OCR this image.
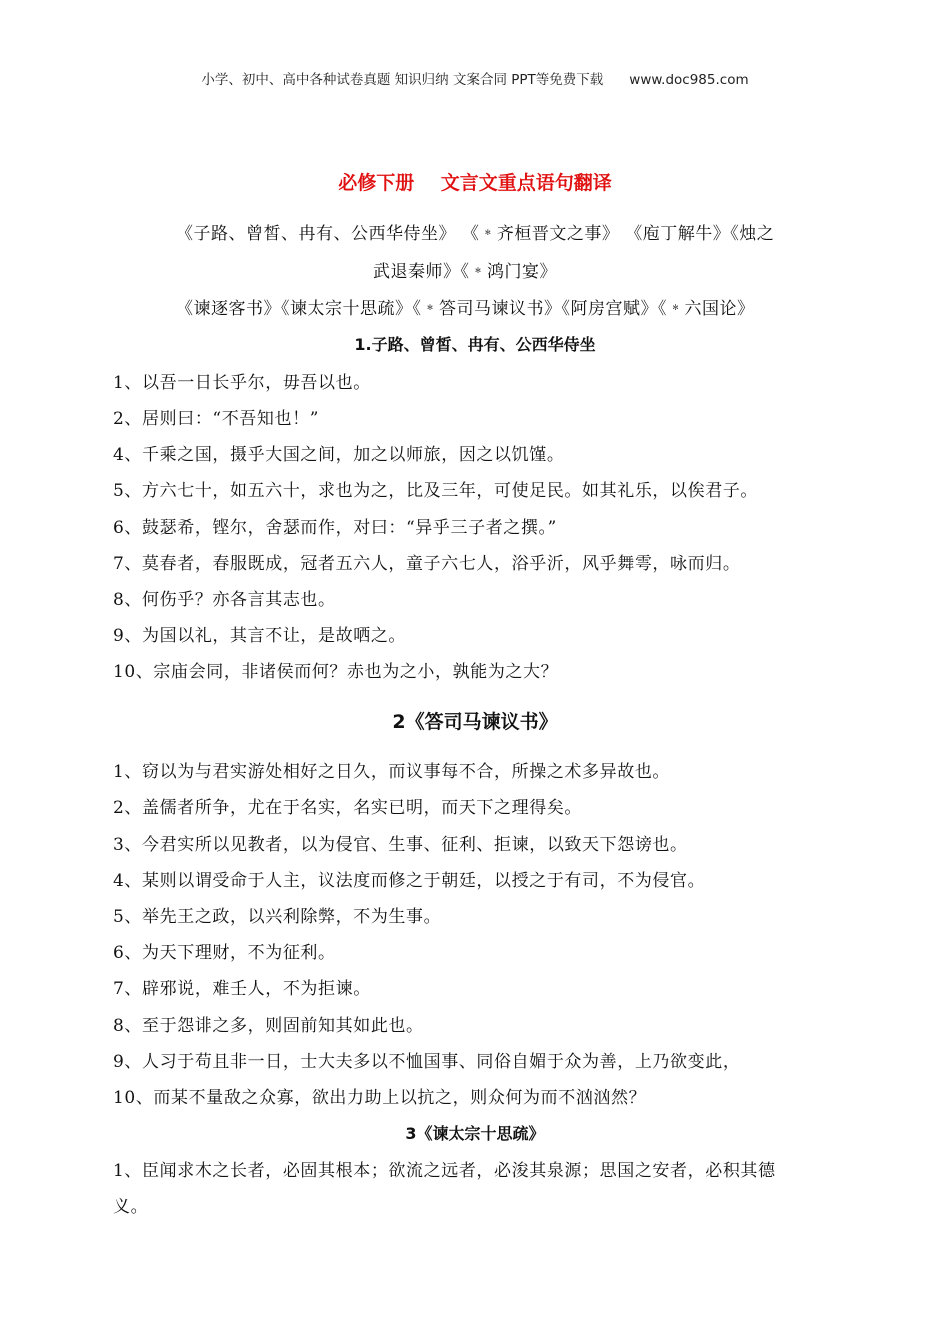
小学、初中、高中各种试卷真题 知识归纳 文案合同 PPT等免费下载 www.doc985.com
必修下册    文言文重点语句翻译
《子路、曾皙、冉有、公西华侍坐》 《﹡齐桓晋文之事》 《庖丁解牛》《烛之
武退秦师》《﹡鸿门宴》
《谏逐客书》《谏太宗十思疏》《﹡答司马谏议书》《阿房宫赋》《﹡六国论》
1.子路、曾皙、冉有、公西华侍坐
1、以吾一日长乎尔，毋吾以也。
2、居则曰：“不吾知也！”
4、千乘之国，摄乎大国之间，加之以师旅，因之以饥馑。
5、方六七十，如五六十，求也为之，比及三年，可使足民。如其礼乐，以俟君子。
6、鼓瑟希，铿尔，舍瑟而作，对曰：“异乎三子者之撰。”
7、莫春者，春服既成，冠者五六人，童子六七人，浴乎沂，风乎舞雩，咏而归。
8、何伤乎？亦各言其志也。
9、为国以礼，其言不让，是故哂之。
10、宗庙会同，非诸侯而何？赤也为之小，孰能为之大？
2《答司马谏议书》
1、窃以为与君实游处相好之日久，而议事每不合，所操之术多异故也。
2、盖儒者所争，尤在于名实，名实已明，而天下之理得矣。
3、今君实所以见教者，以为侵官、生事、征利、拒谏，以致天下怨谤也。
4、某则以谓受命于人主，议法度而修之于朝廷，以授之于有司，不为侵官。
5、举先王之政，以兴利除弊，不为生事。
6、为天下理财，不为征利。
7、辟邪说，难壬人，不为拒谏。
8、至于怨诽之多，则固前知其如此也。
9、人习于苟且非一日，士大夫多以不恤国事、同俗自媚于众为善，上乃欲变此，
10、而某不量敌之众寡，欲出力助上以抗之，则众何为而不汹汹然？
3《谏太宗十思疏》
1、臣闻求木之长者，必固其根本；欲流之远者，必浚其泉源；思国之安者，必积其德
义。
